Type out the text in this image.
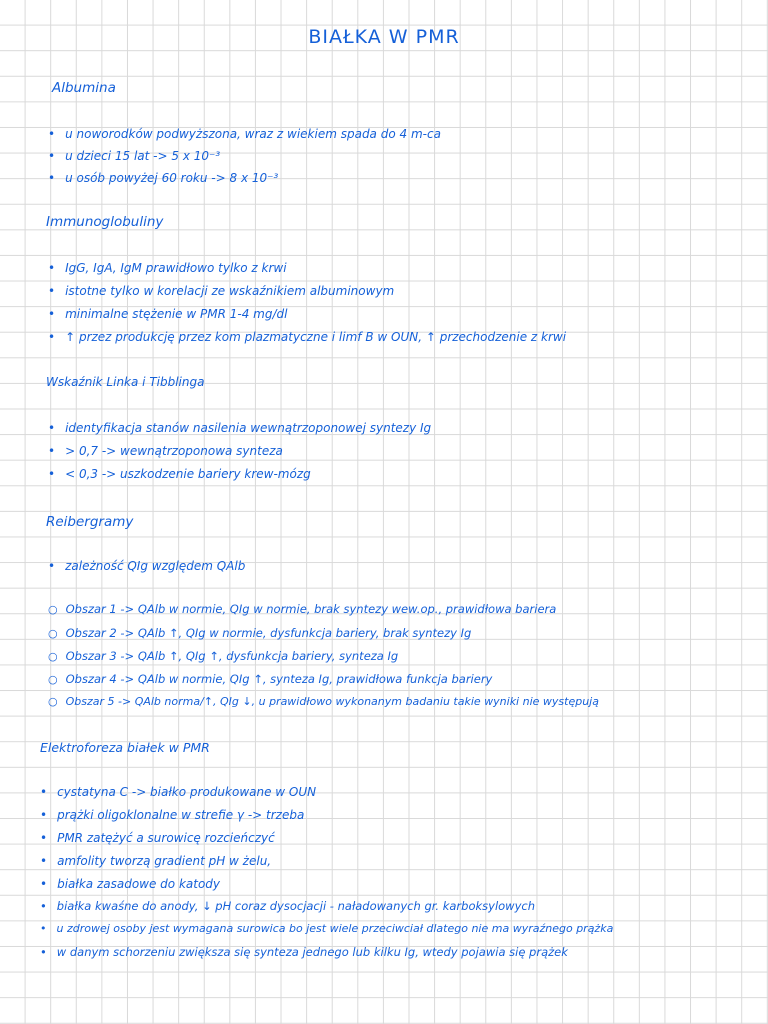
BIAŁKA W PMR
Albumina
• u noworodków podwyższona, wraz z wiekiem spada do 4 m-ca
• u dzieci 15 lat -> 5 x 10⁻³
• u osób powyżej 60 roku -> 8 x 10⁻³
Immunoglobuliny
• IgG, IgA, IgM prawidłowo tylko z krwi
• istotne tylko w korelacji ze wskaźnikiem albuminowym
• minimalne stężenie w PMR 1-4 mg/dl
• ↑ przez produkcję przez kom plazmatyczne i limf B w OUN, ↑ przechodzenie z krwi
Wskaźnik Linka i Tibblinga
• identyfikacja stanów nasilenia wewnątrzoponowej syntezy Ig
• > 0,7 -> wewnątrzoponowa synteza
• < 0,3 -> uszkodzenie bariery krew-mózg
Reibergramy
• zależność QIg względem QAlb
○ Obszar 1 -> QAlb w normie, QIg w normie, brak syntezy wew.op., prawidłowa bariera
○ Obszar 2 -> QAlb ↑, QIg w normie, dysfunkcja bariery, brak syntezy Ig
○ Obszar 3 -> QAlb ↑, QIg ↑, dysfunkcja bariery, synteza Ig
○ Obszar 4 -> QAlb w normie, QIg ↑, synteza Ig, prawidłowa funkcja bariery
○ Obszar 5 -> QAlb norma/↑, QIg ↓, u prawidłowo wykonanym badaniu takie wyniki nie występują
Elektroforeza białek w PMR
• cystatyna C -> białko produkowane w OUN
• prążki oligoklonalne w strefie γ -> trzeba
• PMR zatężyć a surowicę rozcieńczyć
• amfolity tworzą gradient pH w żelu,
• białka zasadowe do katody
• białka kwaśne do anody, ↓ pH coraz dysocjacji - naładowanych gr. karboksylowych
• u zdrowej osoby jest wymagana surowica bo jest wiele przeciwciał dlatego nie ma wyraźnego prążka
• w danym schorzeniu zwiększa się synteza jednego lub kilku Ig, wtedy pojawia się prążek
